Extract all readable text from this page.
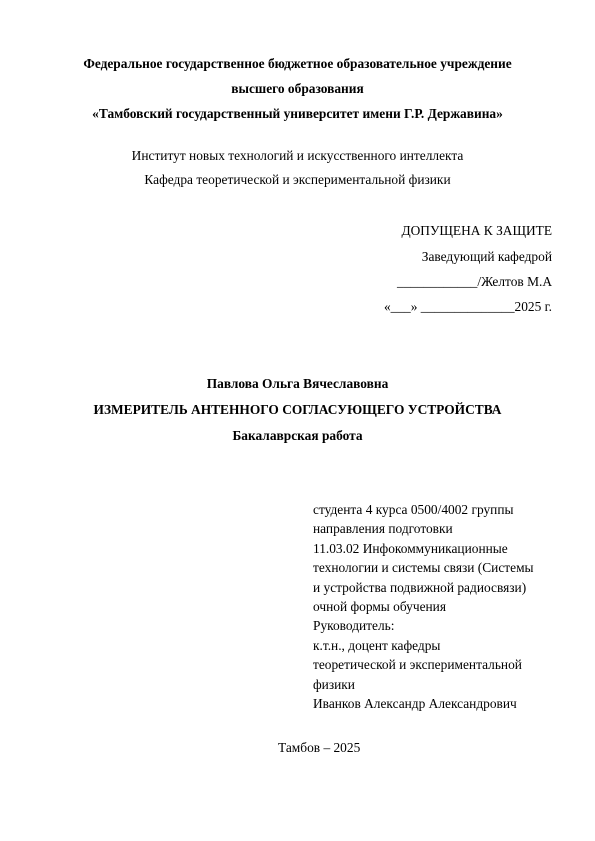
Федеральное государственное бюджетное образовательное учреждение
высшего образования
«Тамбовский государственный университет имени Г.Р. Державина»
Институт новых технологий и искусственного интеллекта
Кафедра теоретической и экспериментальной физики
ДОПУЩЕНА К ЗАЩИТЕ
Заведующий кафедрой
____________/Желтов М.А
«___» ______________2025 г.
Павлова Ольга Вячеславовна
ИЗМЕРИТЕЛЬ АНТЕННОГО СОГЛАСУЮЩЕГО УСТРОЙСТВА
Бакалаврская работа
студента 4 курса 0500/4002 группы
направления подготовки
11.03.02 Инфокоммуникационные
технологии и системы связи (Системы
и устройства подвижной радиосвязи)
очной формы обучения
Руководитель:
к.т.н., доцент кафедры
теоретической и экспериментальной
физики
Иванков Александр Александрович
Тамбов – 2025
